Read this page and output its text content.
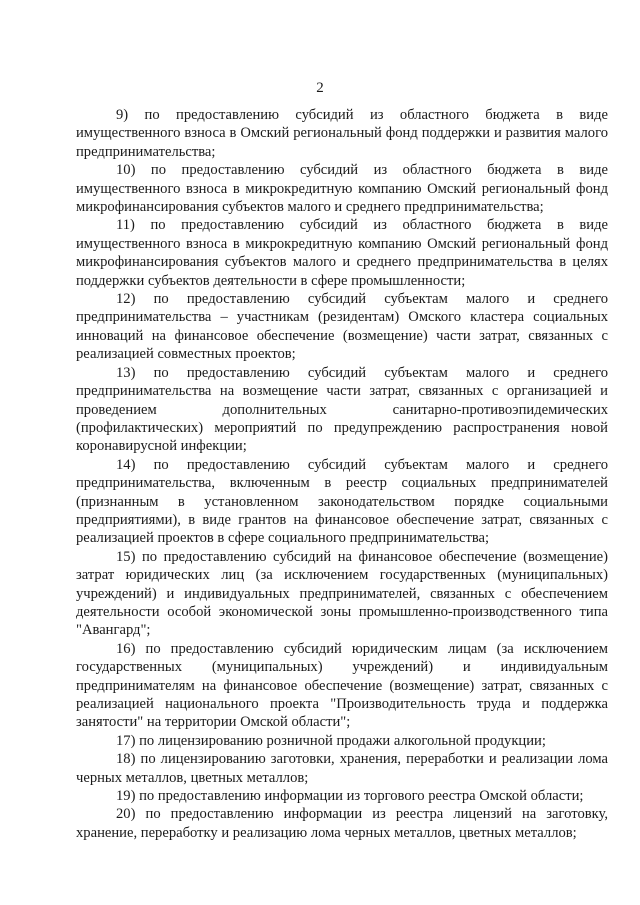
2

9) по предоставлению субсидий из областного бюджета в виде имущественного взноса в Омский региональный фонд поддержки и развития малого предпринимательства;

10) по предоставлению субсидий из областного бюджета в виде имущественного взноса в микрокредитную компанию Омский региональный фонд микрофинансирования субъектов малого и среднего предпринимательства;

11) по предоставлению субсидий из областного бюджета в виде имущественного взноса в микрокредитную компанию Омский региональный фонд микрофинансирования субъектов малого и среднего предпринимательства в целях поддержки субъектов деятельности в сфере промышленности;

12) по предоставлению субсидий субъектам малого и среднего предпринимательства – участникам (резидентам) Омского кластера социальных инноваций на финансовое обеспечение (возмещение) части затрат, связанных с реализацией совместных проектов;

13) по предоставлению субсидий субъектам малого и среднего предпринимательства на возмещение части затрат, связанных с организацией и проведением дополнительных санитарно-противоэпидемических (профилактических) мероприятий по предупреждению распространения новой коронавирусной инфекции;

14) по предоставлению субсидий субъектам малого и среднего предпринимательства, включенным в реестр социальных предпринимателей (признанным в установленном законодательством порядке социальными предприятиями), в виде грантов на финансовое обеспечение затрат, связанных с реализацией проектов в сфере социального предпринимательства;

15) по предоставлению субсидий на финансовое обеспечение (возмещение) затрат юридических лиц (за исключением государственных (муниципальных) учреждений) и индивидуальных предпринимателей, связанных с обеспечением деятельности особой экономической зоны промышленно-производственного типа "Авангард";

16) по предоставлению субсидий юридическим лицам (за исключением государственных (муниципальных) учреждений) и индивидуальным предпринимателям на финансовое обеспечение (возмещение) затрат, связанных с реализацией национального проекта "Производительность труда и поддержка занятости" на территории Омской области";

17) по лицензированию розничной продажи алкогольной продукции;

18) по лицензированию заготовки, хранения, переработки и реализации лома черных металлов, цветных металлов;

19) по предоставлению информации из торгового реестра Омской области;

20) по предоставлению информации из реестра лицензий на заготовку, хранение, переработку и реализацию лома черных металлов, цветных металлов;
